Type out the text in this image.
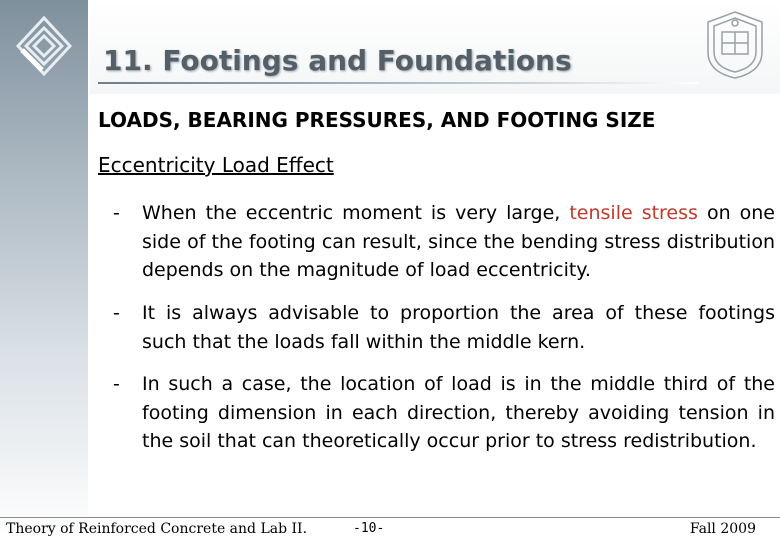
11. Footings and Foundations
LOADS, BEARING PRESSURES, AND FOOTING SIZE
Eccentricity Load Effect
- When the eccentric moment is very large, tensile stress on one side of the footing can result, since the bending stress distribution depends on the magnitude of load eccentricity.
- It is always advisable to proportion the area of these footings such that the loads fall within the middle kern.
- In such a case, the location of load is in the middle third of the footing dimension in each direction, thereby avoiding tension in the soil that can theoretically occur prior to stress redistribution.
Theory of Reinforced Concrete and Lab II.	-10-	Fall 2009
